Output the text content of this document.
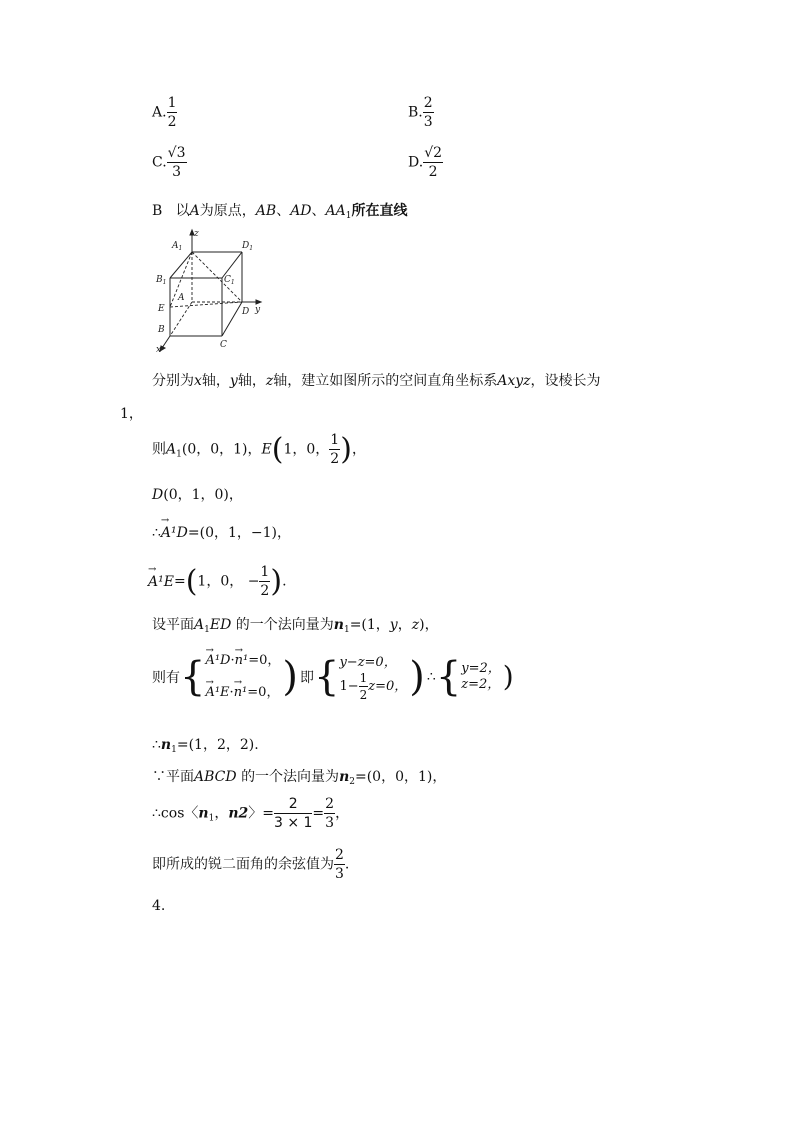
A. $\frac{1}{2}$	B. $\frac{2}{3}$
C. $\frac{√3}{3}$	D. $\frac{√2}{2}$
B 以A为原点，AB、AD、$AA_1$所在直线
$A_1$
z
$D_1$
$B_1$	$C_1$
A
E
B
C
D y
x
分别为x轴，y轴，z轴，建立如图所示的空间直角坐标系Axyz，设棱长为
1，
则$A_1(0$，0，1)，E(1，0， $\frac{1}{2}$ )，
D(0，1，0)，
∴→ A¹D=(0，1，−1)，
→ A¹E=(1，0， − $\frac{1}{2}$ ).
设平面$A_1ED$ 的一个法向量为$n_1=(1$，y，z)，
则有	{	
→A¹D·→ n¹=0，
→ A¹E·→ n¹=0，	)	即	{	y−z=0，
$1- \frac{1}{2} z=0$，	)	∴	{	y=2，
z=2，	)
$\therefore n_1=(1$，2，2).
∵平面ABCD 的一个法向量为$n_2=(0$，0，1)，
∴cos〈$n_1$，n2〉= $\frac{2}{3 \times 1} = \frac{2}{3}$ ，
即所成的锐二面角的余弦值为 $\frac{2}{3}$ .
4.
